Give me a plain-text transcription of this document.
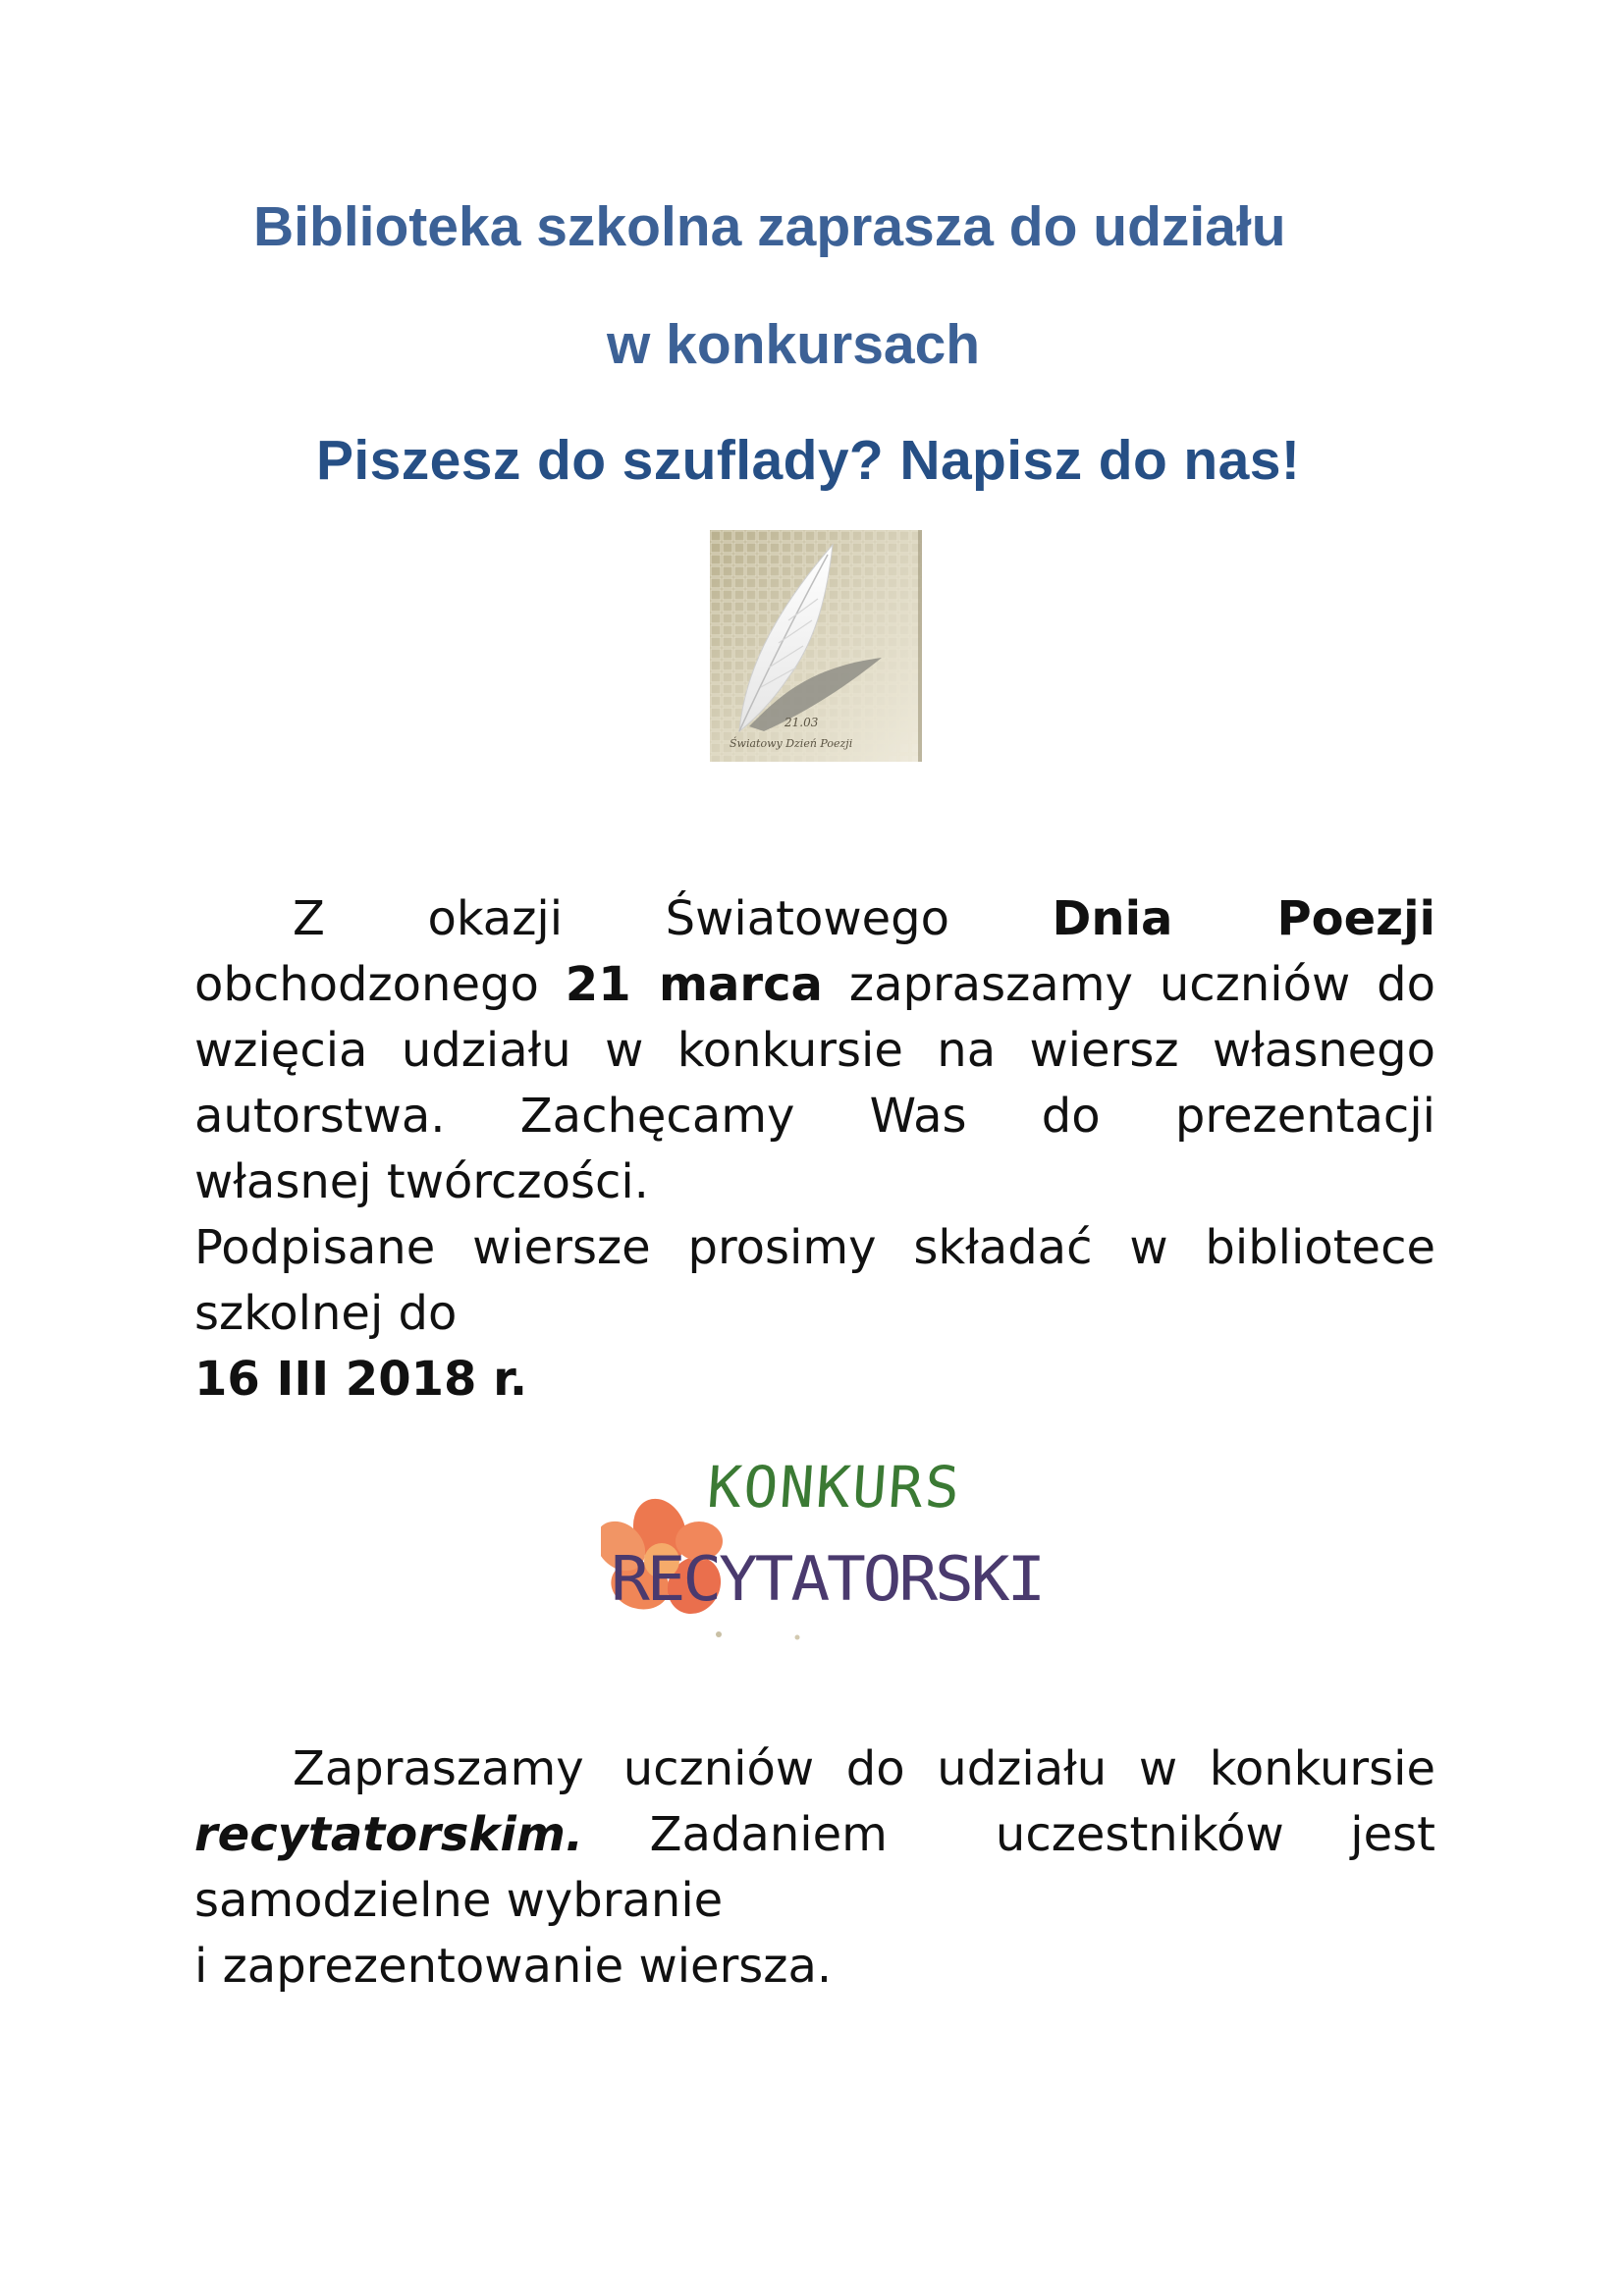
Biblioteka szkolna zaprasza do udziału
w konkursach
Piszesz do szuflady? Napisz do nas!
21.03
Światowy Dzień Poezji
Z okazji Światowego Dnia Poezji
obchodzonego 21 marca zapraszamy uczniów do
wzięcia udziału w konkursie na wiersz własnego
autorstwa. Zachęcamy Was do prezentacji
własnej twórczości.
Podpisane wiersze prosimy składać w bibliotece
szkolnej do
16 III 2018 r.
KONKURS
RECYTATORSKI
Zapraszamy uczniów do udziału w konkursie
recytatorskim. Zadaniem uczestników jest
samodzielne wybranie
i zaprezentowanie wiersza.
